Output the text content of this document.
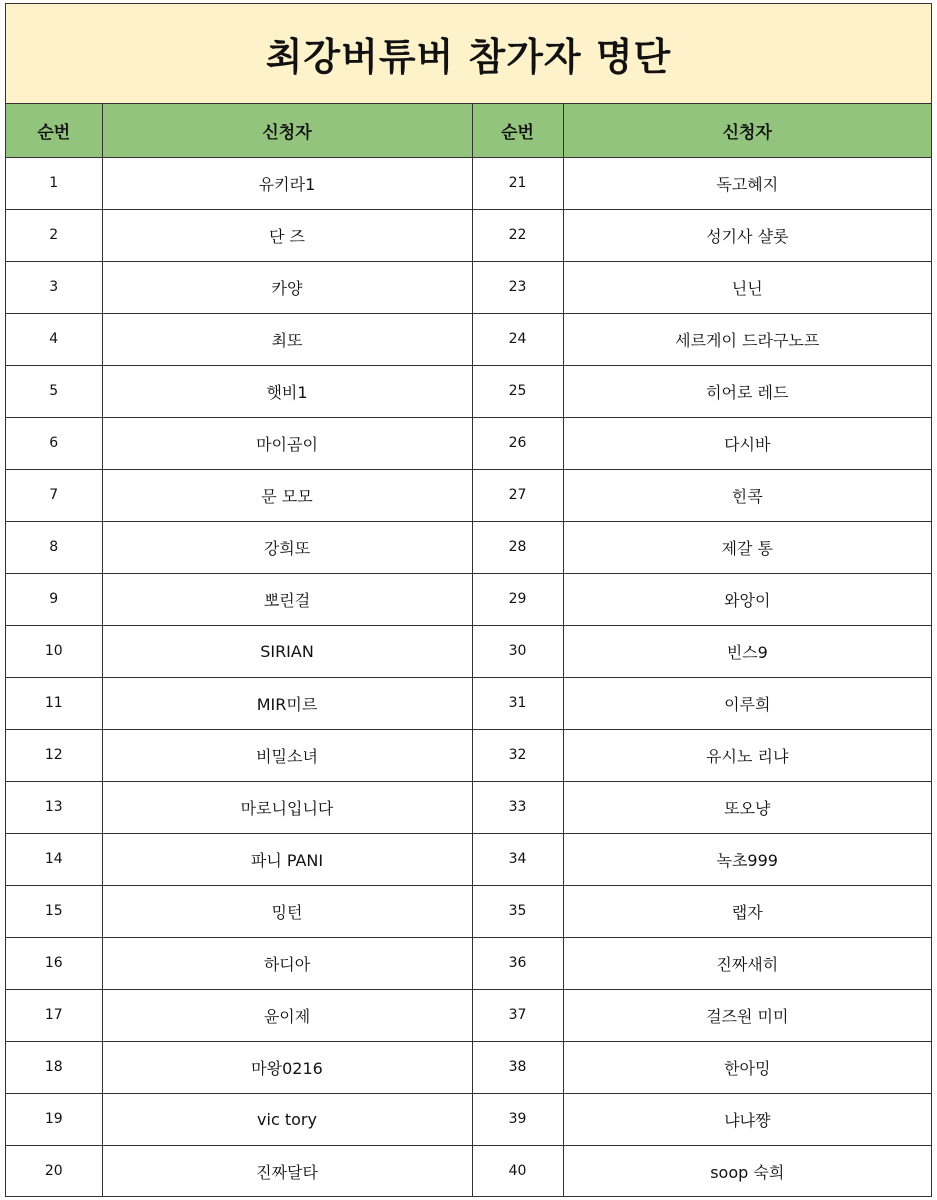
최강버튜버 참가자 명단
순번	신청자	순번	신청자
1	유키라1	21	독고혜지
2	단 즈	22	성기사 샬롯
3	카양	23	닌닌
4	최또	24	세르게이 드라구노프
5	햇비1	25	히어로 레드
6	마이곰이	26	다시바
7	문 모모	27	힌콕
8	강희또	28	제갈 통
9	뽀린걸	29	와앙이
10	SIRIAN	30	빈스9
11	MIR미르	31	이루희
12	비밀소녀	32	유시노 리냐
13	마로니입니다	33	또오냥
14	파니 PANI	34	녹초999
15	밍턴	35	랩자
16	하디아	36	진짜새히
17	윤이제	37	걸즈원 미미
18	마왕0216	38	한아밍
19	vic tory	39	냐냐쨩
20	진짜달타	40	soop 숙희
